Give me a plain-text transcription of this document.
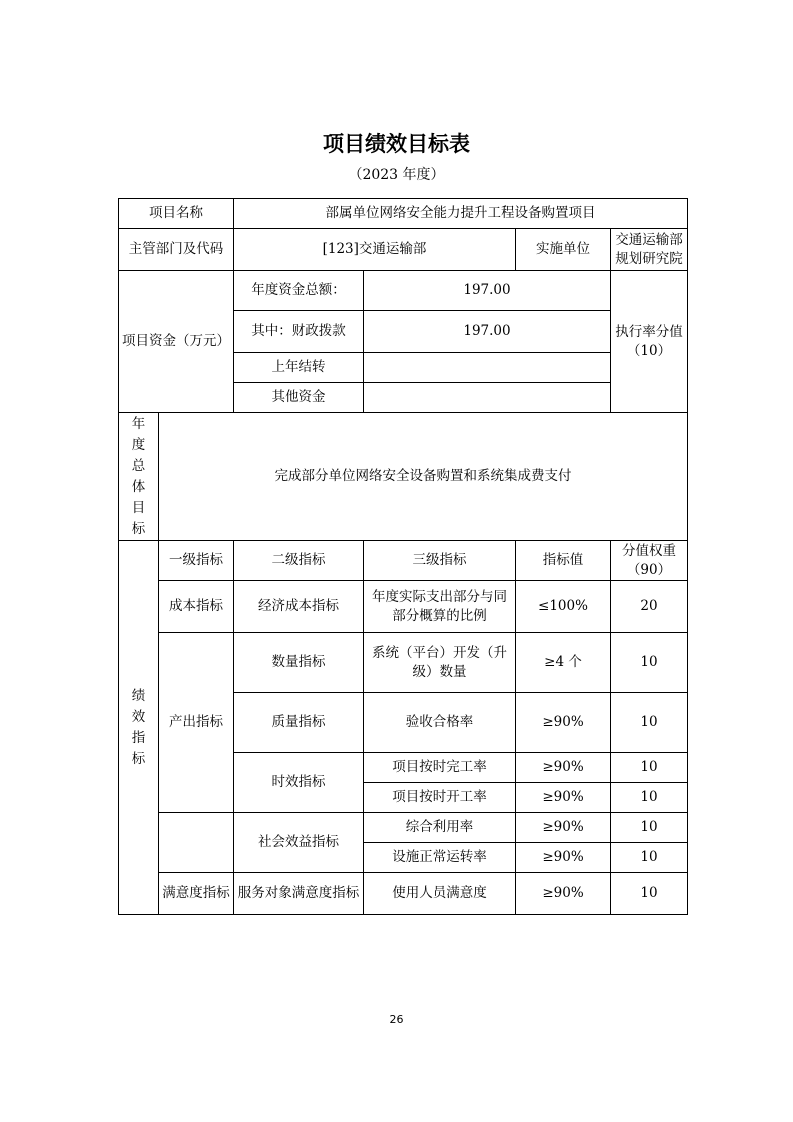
项目绩效目标表
（2023 年度）
项目名称		部属单位网络安全能力提升工程设备购置项目			
主管部门及代码		[123]交通运输部		实施单位	交通运输部规划研究院
项目资金（万元）		年度资金总额：	197.00		执行率分值（10）
		其中：财政拨款	197.00		
		上年结转			
		其他资金			
年度总体目标	完成部分单位网络安全设备购置和系统集成费支付				
绩效指标	一级指标	二级指标	三级指标	指标值	分值权重（90）
	成本指标	经济成本指标	年度实际支出部分与同部分概算的比例	≤100%	20
	产出指标	数量指标	系统（平台）开发（升级）数量	≥4 个	10
		质量指标	验收合格率	≥90%	10
		时效指标	项目按时完工率	≥90%	10
			项目按时开工率	≥90%	10
		社会效益指标	综合利用率	≥90%	10
			设施正常运转率	≥90%	10
	满意度指标	服务对象满意度指标	使用人员满意度	≥90%	10
26
